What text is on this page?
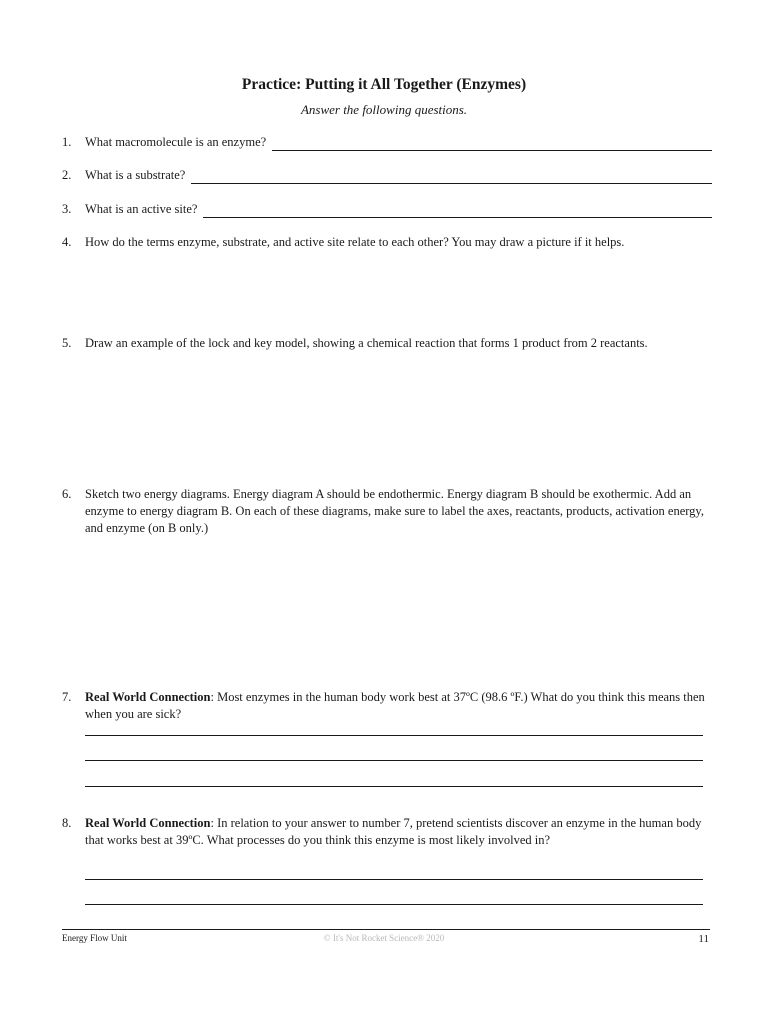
Practice: Putting it All Together (Enzymes)
Answer the following questions.
1. What macromolecule is an enzyme?
2. What is a substrate?
3. What is an active site?
4. How do the terms enzyme, substrate, and active site relate to each other? You may draw a picture if it helps.
5. Draw an example of the lock and key model, showing a chemical reaction that forms 1 product from 2 reactants.
6. Sketch two energy diagrams. Energy diagram A should be endothermic. Energy diagram B should be exothermic. Add an enzyme to energy diagram B. On each of these diagrams, make sure to label the axes, reactants, products, activation energy, and enzyme (on B only.)
7. Real World Connection: Most enzymes in the human body work best at 37ºC (98.6 ºF.) What do you think this means then when you are sick?
8. Real World Connection: In relation to your answer to number 7, pretend scientists discover an enzyme in the human body that works best at 39ºC. What processes do you think this enzyme is most likely involved in?
Energy Flow Unit	© It's Not Rocket Science® 2020	11
